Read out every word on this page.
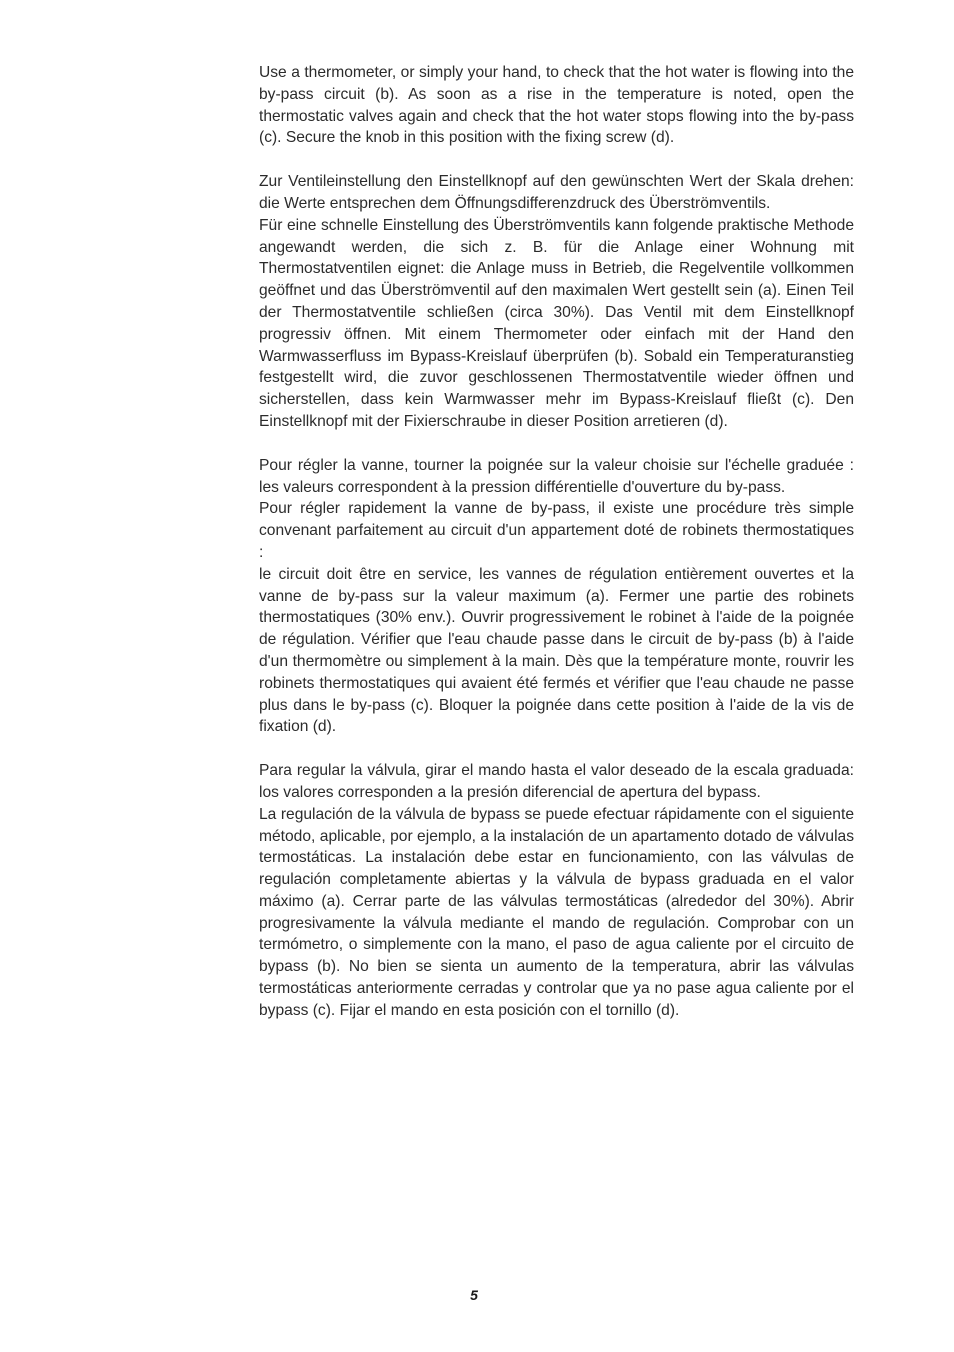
Use a thermometer, or simply your hand, to check that the hot water is flowing into the by-pass circuit (b). As soon as a rise in the temperature is noted, open the thermostatic valves again and check that the hot water stops flowing into the by-pass (c). Secure the knob in this position with the fixing screw (d).

Zur Ventileinstellung den Einstellknopf auf den gewünschten Wert der Skala drehen: die Werte entsprechen dem Öffnungsdifferenzdruck des Überströmventils.

Für eine schnelle Einstellung des Überströmventils kann folgende praktische Methode angewandt werden, die sich z. B. für die Anlage einer Wohnung mit Thermostatventilen eignet: die Anlage muss in Betrieb, die Regelventile vollkommen geöffnet und das Überströmventil auf den maximalen Wert gestellt sein (a). Einen Teil der Thermostatventile schließen (circa 30%). Das Ventil mit dem Einstellknopf progressiv öffnen. Mit einem Thermometer oder einfach mit der Hand den Warmwasserfluss im Bypass-Kreislauf überprüfen (b). Sobald ein Temperaturanstieg festgestellt wird, die zuvor geschlossenen Thermostatventile wieder öffnen und sicherstellen, dass kein Warmwasser mehr im Bypass-Kreislauf fließt (c). Den Einstellknopf mit der Fixierschraube in dieser Position arretieren (d).

Pour régler la vanne, tourner la poignée sur la valeur choisie sur l'échelle graduée : les valeurs correspondent à la pression différentielle d'ouverture du by-pass.

Pour régler rapidement la vanne de by-pass, il existe une procédure très simple convenant parfaitement au circuit d'un appartement doté de robinets thermostatiques :

le circuit doit être en service, les vannes de régulation entièrement ouvertes et la vanne de by-pass sur la valeur maximum (a). Fermer une partie des robinets thermostatiques (30% env.). Ouvrir progressivement le robinet à l'aide de la poignée de régulation. Vérifier que l'eau chaude passe dans le circuit de by-pass (b) à l'aide d'un thermomètre ou simplement à la main. Dès que la température monte, rouvrir les robinets thermostatiques qui avaient été fermés et vérifier que l'eau chaude ne passe plus dans le by-pass (c). Bloquer la poignée dans cette position à l'aide de la vis de fixation (d).

Para regular la válvula, girar el mando hasta el valor deseado de la escala graduada: los valores corresponden a la presión diferencial de apertura del bypass.

La regulación de la válvula de bypass se puede efectuar rápidamente con el siguiente método, aplicable, por ejemplo, a la instalación de un apartamento dotado de válvulas termostáticas. La instalación debe estar en funcionamiento, con las válvulas de regulación completamente abiertas y la válvula de bypass graduada en el valor máximo (a). Cerrar parte de las válvulas termostáticas (alrededor del 30%). Abrir progresivamente la válvula mediante el mando de regulación. Comprobar con un termómetro, o simplemente con la mano, el paso de agua caliente por el circuito de bypass (b). No bien se sienta un aumento de la temperatura, abrir las válvulas termostáticas anteriormente cerradas y controlar que ya no pase agua caliente por el bypass (c). Fijar el mando en esta posición con el tornillo (d).

5
